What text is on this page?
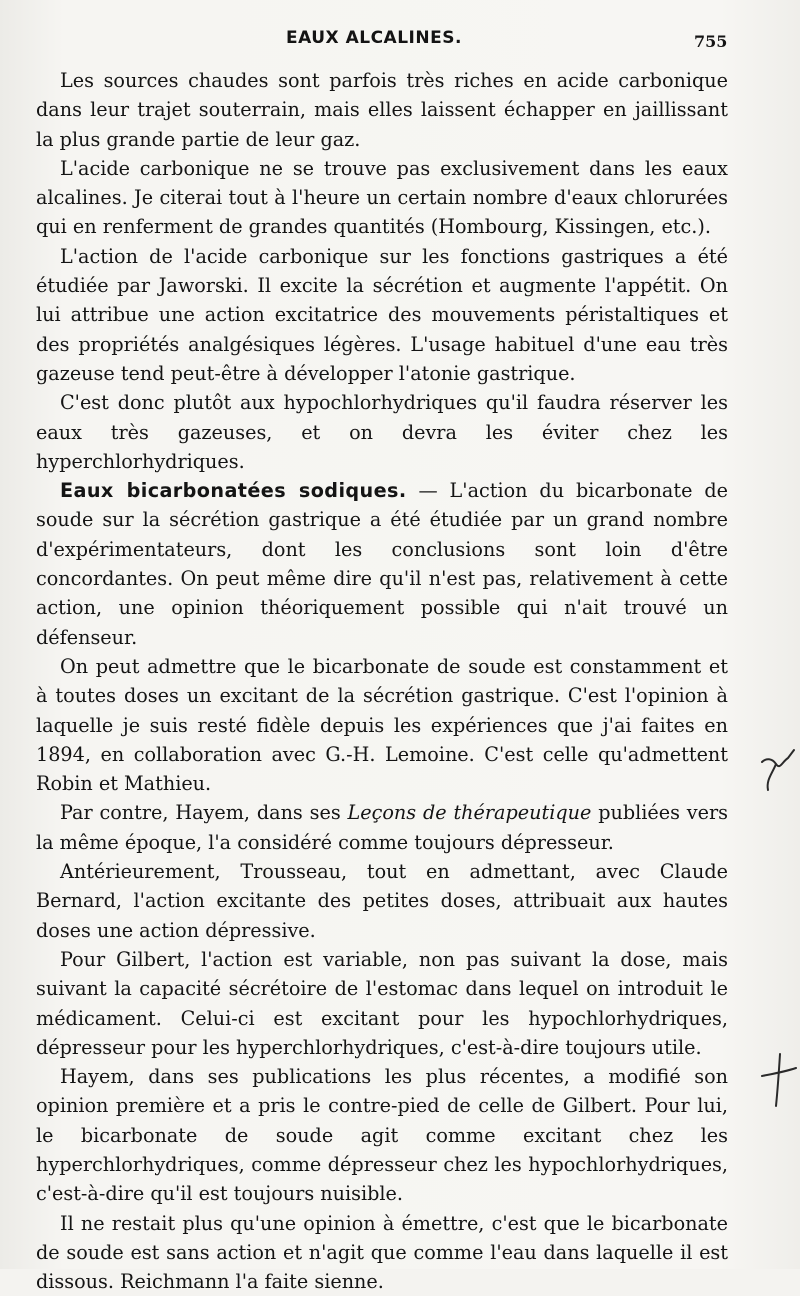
EAUX ALCALINES.	755

Les sources chaudes sont parfois très riches en acide carbonique dans leur trajet souterrain, mais elles laissent échapper en jaillissant la plus grande partie de leur gaz.

L'acide carbonique ne se trouve pas exclusivement dans les eaux alcalines. Je citerai tout à l'heure un certain nombre d'eaux chlorurées qui en renferment de grandes quantités (Hombourg, Kissingen, etc.).

L'action de l'acide carbonique sur les fonctions gastriques a été étudiée par Jaworski. Il excite la sécrétion et augmente l'appétit. On lui attribue une action excitatrice des mouvements péristaltiques et des propriétés analgésiques légères. L'usage habituel d'une eau très gazeuse tend peut-être à développer l'atonie gastrique.

C'est donc plutôt aux hypochlorhydriques qu'il faudra réserver les eaux très gazeuses, et on devra les éviter chez les hyperchlorhydriques.

Eaux bicarbonatées sodiques. — L'action du bicarbonate de soude sur la sécrétion gastrique a été étudiée par un grand nombre d'expérimentateurs, dont les conclusions sont loin d'être concordantes. On peut même dire qu'il n'est pas, relativement à cette action, une opinion théoriquement possible qui n'ait trouvé un défenseur.

On peut admettre que le bicarbonate de soude est constamment et à toutes doses un excitant de la sécrétion gastrique. C'est l'opinion à laquelle je suis resté fidèle depuis les expériences que j'ai faites en 1894, en collaboration avec G.-H. Lemoine. C'est celle qu'admettent Robin et Mathieu.

Par contre, Hayem, dans ses Leçons de thérapeutique publiées vers la même époque, l'a considéré comme toujours dépresseur.

Antérieurement, Trousseau, tout en admettant, avec Claude Bernard, l'action excitante des petites doses, attribuait aux hautes doses une action dépressive.

Pour Gilbert, l'action est variable, non pas suivant la dose, mais suivant la capacité sécrétoire de l'estomac dans lequel on introduit le médicament. Celui-ci est excitant pour les hypochlorhydriques, dépresseur pour les hyperchlorhydriques, c'est-à-dire toujours utile.

Hayem, dans ses publications les plus récentes, a modifié son opinion première et a pris le contre-pied de celle de Gilbert. Pour lui, le bicarbonate de soude agit comme excitant chez les hyperchlorhydriques, comme dépresseur chez les hypochlorhydriques, c'est-à-dire qu'il est toujours nuisible.

Il ne restait plus qu'une opinion à émettre, c'est que le bicarbonate de soude est sans action et n'agit que comme l'eau dans laquelle il est dissous. Reichmann l'a faite sienne.
